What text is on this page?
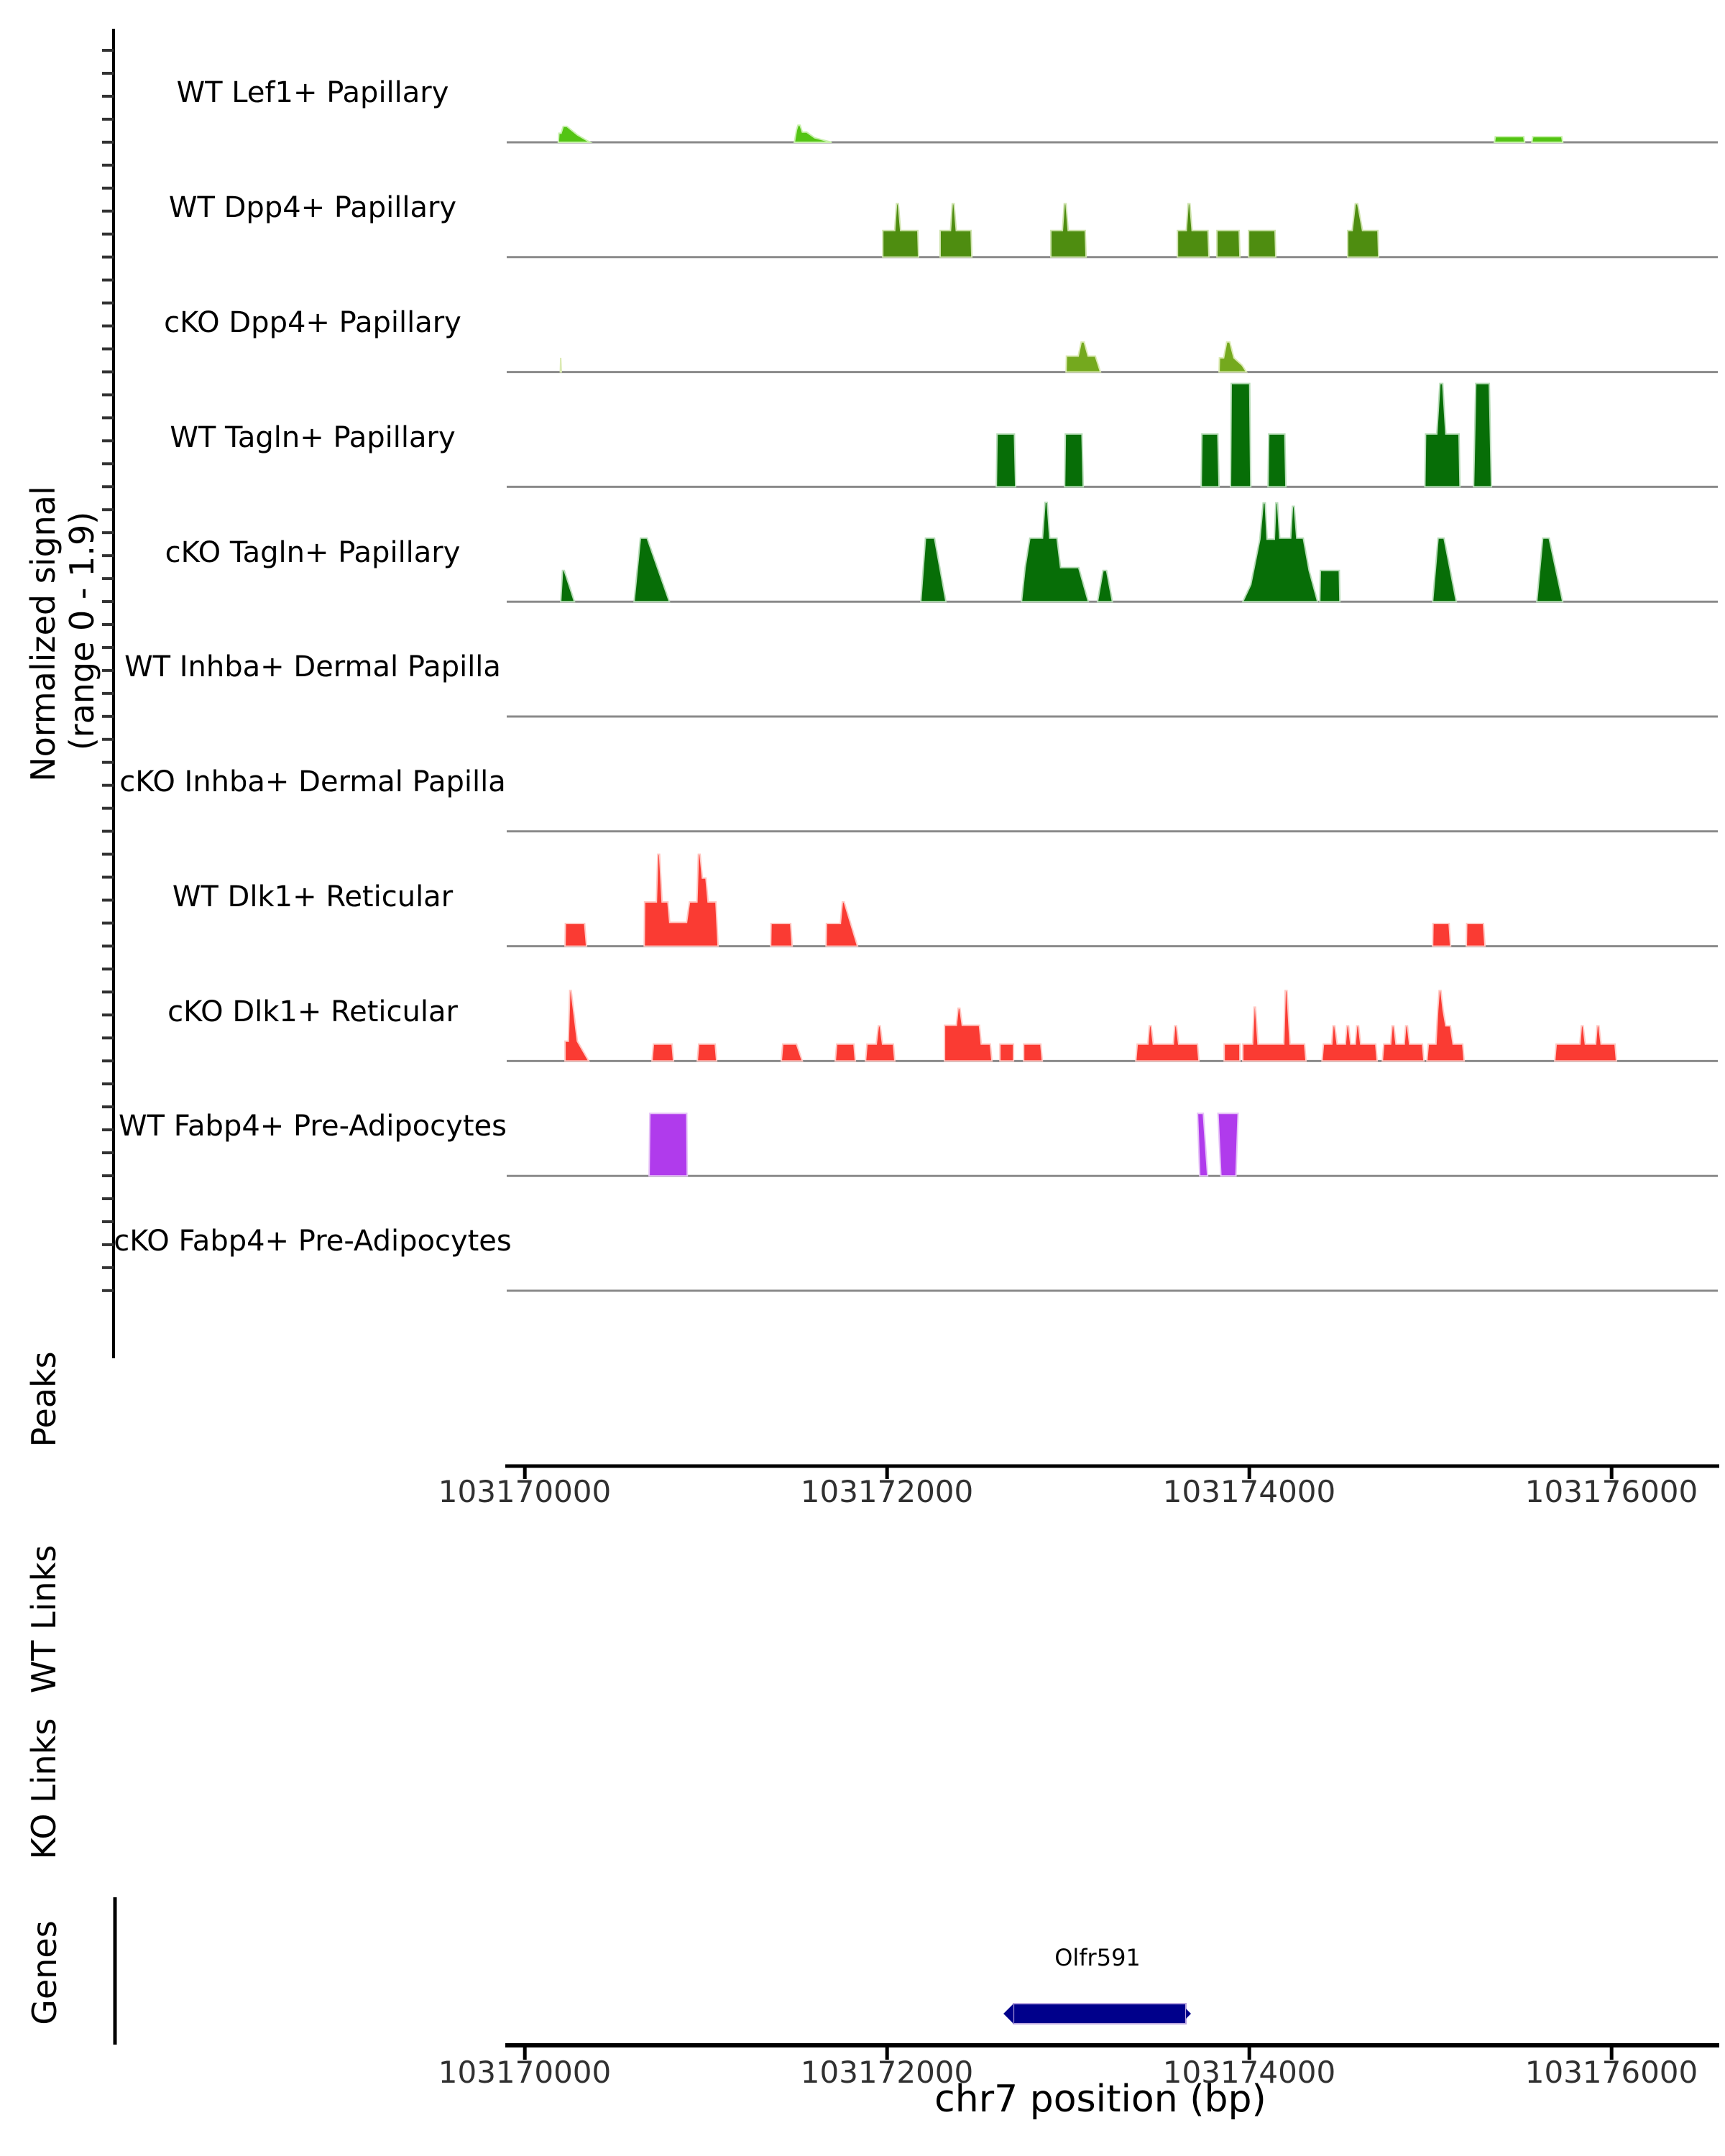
Normalized signal (range 0 - 1.9)
WT Lef1+ Papillary
WT Dpp4+ Papillary
cKO Dpp4+ Papillary
WT Tagln+ Papillary
cKO Tagln+ Papillary
WT Inhba+ Dermal Papilla
cKO Inhba+ Dermal Papilla
WT Dlk1+ Reticular
cKO Dlk1+ Reticular
WT Fabp4+ Pre-Adipocytes
cKO Fabp4+ Pre-Adipocytes
Peaks
WT Links
KO Links
Genes
103170000	103172000	103174000	103176000
Olfr591
103170000	103172000	103174000	103176000
chr7 position (bp)
